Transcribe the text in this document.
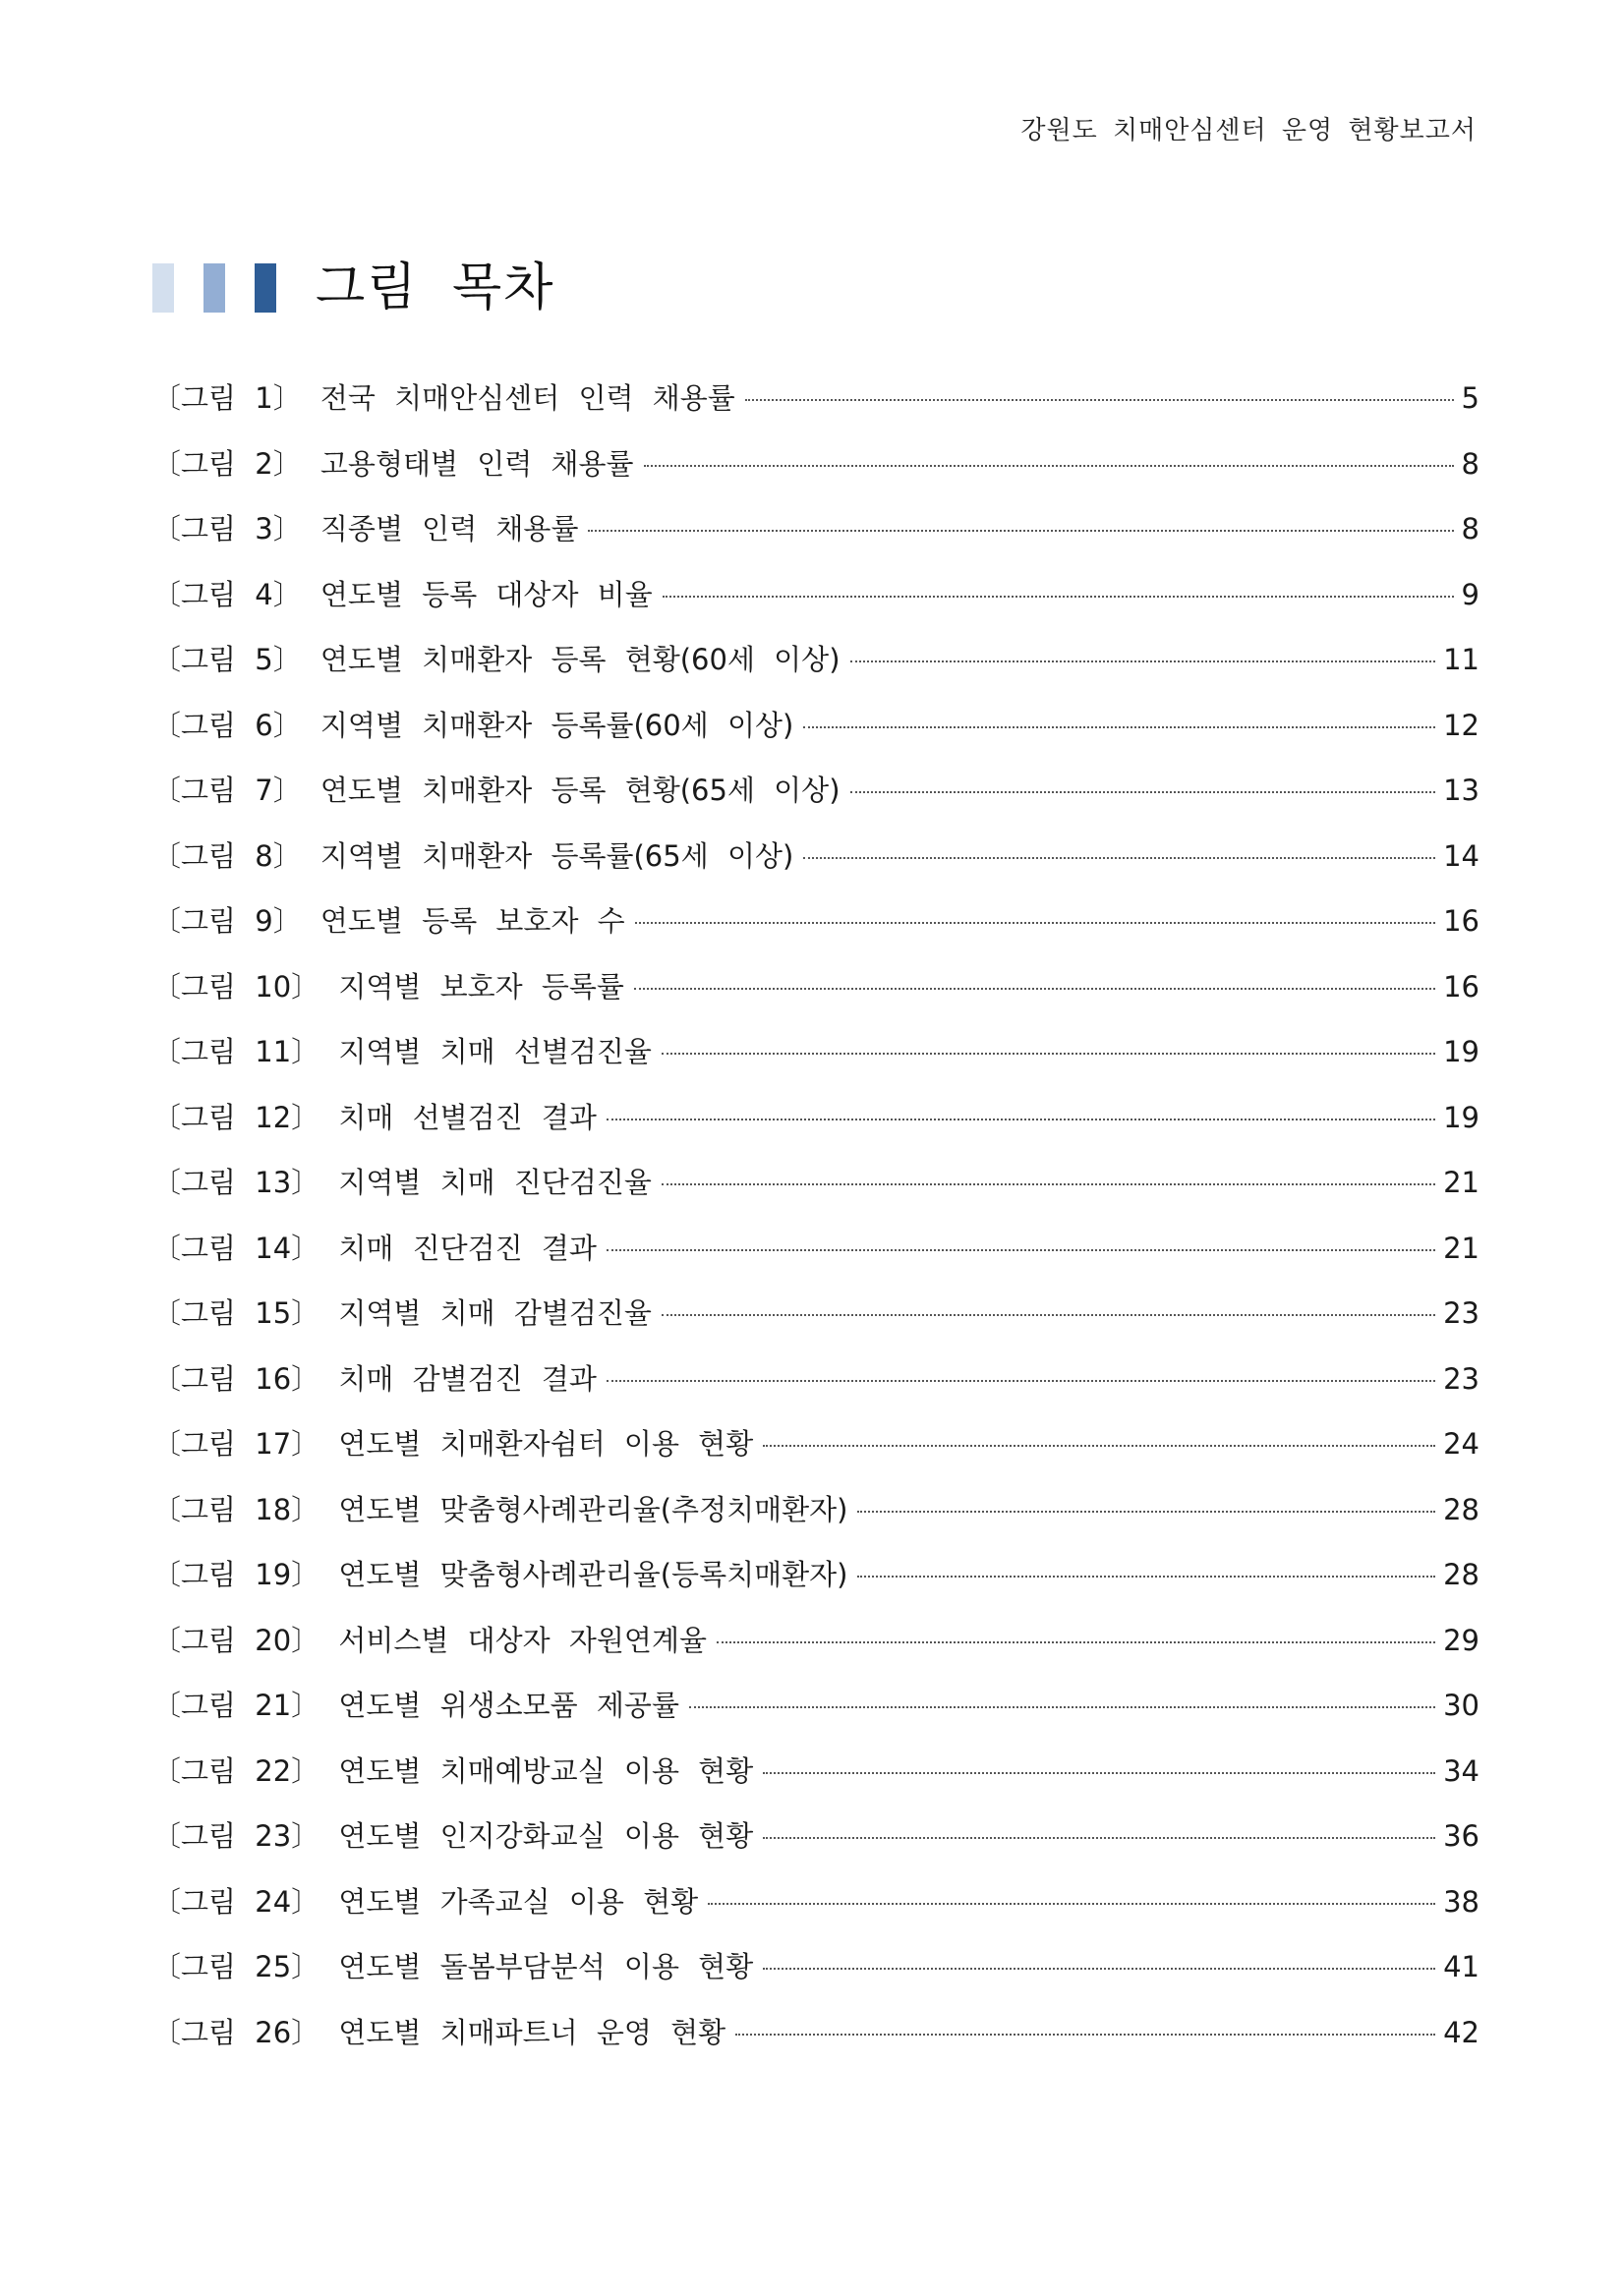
강원도 치매안심센터 운영 현황보고서
그림 목차
〔그림 1〕 전국 치매안심센터 인력 채용률	5
〔그림 2〕 고용형태별 인력 채용률	8
〔그림 3〕 직종별 인력 채용률	8
〔그림 4〕 연도별 등록 대상자 비율	9
〔그림 5〕 연도별 치매환자 등록 현황(60세 이상)	11
〔그림 6〕 지역별 치매환자 등록률(60세 이상)	12
〔그림 7〕 연도별 치매환자 등록 현황(65세 이상)	13
〔그림 8〕 지역별 치매환자 등록률(65세 이상)	14
〔그림 9〕 연도별 등록 보호자 수	16
〔그림 10〕 지역별 보호자 등록률	16
〔그림 11〕 지역별 치매 선별검진율	19
〔그림 12〕 치매 선별검진 결과	19
〔그림 13〕 지역별 치매 진단검진율	21
〔그림 14〕 치매 진단검진 결과	21
〔그림 15〕 지역별 치매 감별검진율	23
〔그림 16〕 치매 감별검진 결과	23
〔그림 17〕 연도별 치매환자쉼터 이용 현황	24
〔그림 18〕 연도별 맞춤형사례관리율(추정치매환자)	28
〔그림 19〕 연도별 맞춤형사례관리율(등록치매환자)	28
〔그림 20〕 서비스별 대상자 자원연계율	29
〔그림 21〕 연도별 위생소모품 제공률	30
〔그림 22〕 연도별 치매예방교실 이용 현황	34
〔그림 23〕 연도별 인지강화교실 이용 현황	36
〔그림 24〕 연도별 가족교실 이용 현황	38
〔그림 25〕 연도별 돌봄부담분석 이용 현황	41
〔그림 26〕 연도별 치매파트너 운영 현황	42
